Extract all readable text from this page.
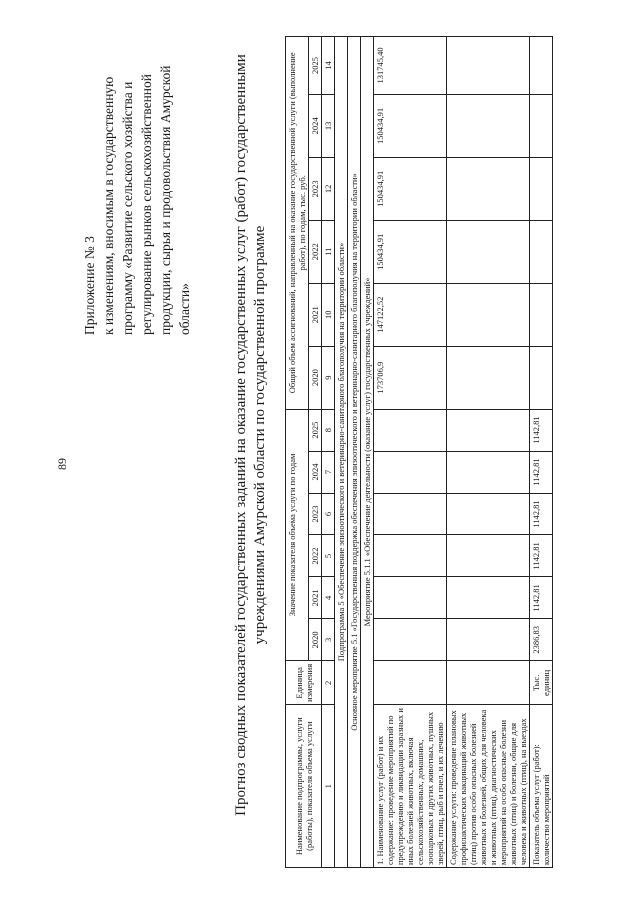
89
Приложение № 3 к изменениям, вносимым в государственную программу «Развитие сельского хозяйства и регулирование рынков сельскохозяйственной продукции, сырья и продовольствия Амурской области»	Прогноз сводных показателей государственных заданий на оказание государственных услуг (работ) государственными учреждениями Амурской области по государственной программе
Наименование подпрограммы, услуги (работы), показателя объема услуги	Единица измерения	Значение показателя объема услуги по годам						Общий объем ассигнований, направленный на оказание государственной услуги (выполнение работ), по годам, тыс. руб.					
		2020	2021	2022	2023	2024	2025	2020	2021	2022	2023	2024	2025
1	2	3	4	5	6	7	8	9	10	11	12	13	14
Подпрограмма 5 «Обеспечение эпизоотического и ветеринарно-санитарного благополучия на территории области»													
Основное мероприятие 5.1 «Государственная поддержка обеспечения эпизоотического и ветеринарно-санитарного благополучия на территории области»													
Мероприятие 5.1.1 «Обеспечение деятельности (оказание услуг) государственных учреждений»													
1. Наименование услуг (работ) и их содержание: проведение мероприятий по предупреждению и ликвидации заразных и иных болезней животных, включая сельскохозяйственных, домашних, зоопарковых и других животных, пушных зверей, птиц, рыб и пчел, и их лечению								173706,9	147122,52	150434,91	150434,91	150434,91	131745,40
Содержание услуги: проведение плановых профилактических вакцинаций животных (птиц) против особо опасных болезней животных и болезней, общих для человека и животных (птиц), диагностических мероприятий на особо опасные болезни животных (птиц) и болезни, общие для человека и животных (птиц), на выездах													
Показатель объема услуг (работ): количество мероприятий	Тыс. единиц	2386,83	1142,81	1142,81	1142,81	1142,81	1142,81						
